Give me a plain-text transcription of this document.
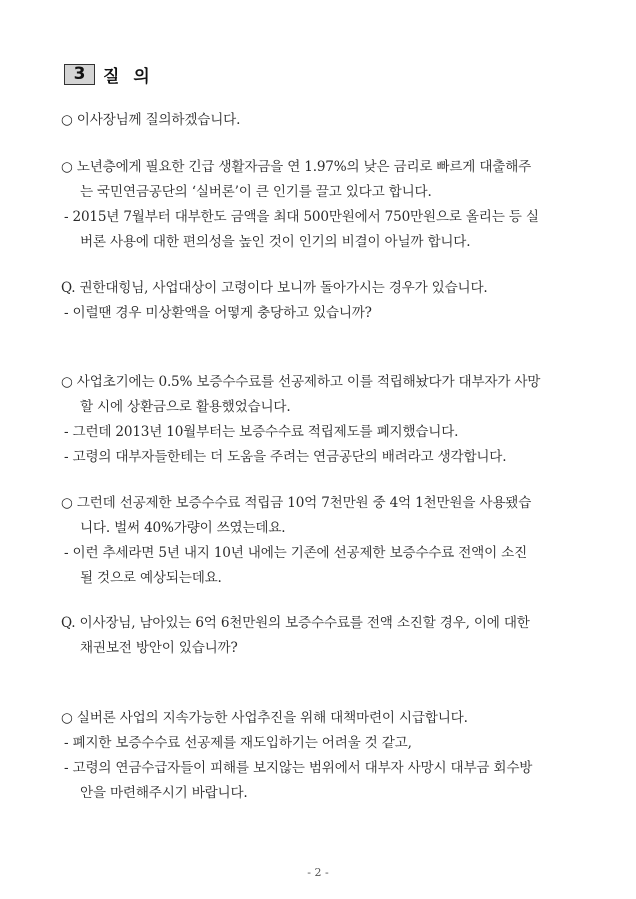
3	질 의
○ 이사장님께 질의하겠습니다.
○ 노년층에게 필요한 긴급 생활자금을 연 1.97%의 낮은 금리로 빠르게 대출해주
는 국민연금공단의 ‘실버론’이 큰 인기를 끌고 있다고 합니다.
- 2015년 7월부터 대부한도 금액을 최대 500만원에서 750만원으로 올리는 등 실
버론 사용에 대한 편의성을 높인 것이 인기의 비결이 아닐까 합니다.
Q. 권한대힝님, 사업대상이 고령이다 보니까 돌아가시는 경우가 있습니다.
- 이럴땐 경우 미상환액을 어떻게 충당하고 있습니까?
○ 사업초기에는 0.5% 보증수수료를 선공제하고 이를 적립해놨다가 대부자가 사망
할 시에 상환금으로 활용했었습니다.
- 그런데 2013년 10월부터는 보증수수료 적립제도를 폐지했습니다.
- 고령의 대부자들한테는 더 도움을 주려는 연금공단의 배려라고 생각합니다.
○ 그런데 선공제한 보증수수료 적립금 10억 7천만원 중 4억 1천만원을 사용됐습
니다. 벌써 40%가량이 쓰였는데요.
- 이런 추세라면 5년 내지 10년 내에는 기존에 선공제한 보증수수료 전액이 소진
될 것으로 예상되는데요.
Q. 이사장님, 남아있는 6억 6천만원의 보증수수료를 전액 소진할 경우, 이에 대한
채권보전 방안이 있습니까?
○ 실버론 사업의 지속가능한 사업추진을 위해 대책마련이 시급합니다.
- 폐지한 보증수수료 선공제를 재도입하기는 어려울 것 같고,
- 고령의 연금수급자들이 피해를 보지않는 범위에서 대부자 사망시 대부금 회수방
안을 마련해주시기 바랍니다.
- 2 -
